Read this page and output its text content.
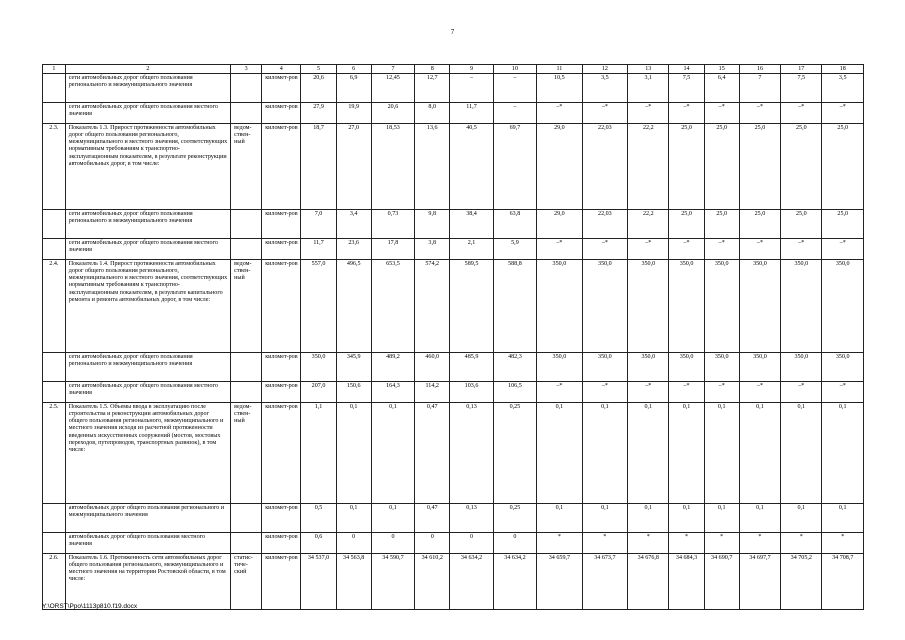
7
1	2	3	4	5	6	7	8	9	10	11	12	13	14	15	16	17	18
	сети автомобильных дорог общего пользования регионального и межмуниципального значения		километ-ров	20,6	6,9	12,45	12,7	–	–	10,5	3,5	3,1	7,5	6,4	7	7,5	3,5
	сети автомобильных дорог общего пользования местного значения		километ-ров	27,9	19,9	20,6	8,0	11,7	–	–*	–*	–*	–*	–*	–*	–*	–*
2.3.	Показатель 1.3. Прирост протяженности автомобильных дорог общего пользования регионального, межмуниципального и местного значения, соответствующих нормативным требованиям к транспортно-эксплуатационным показателям, в результате реконструкции автомобильных дорог, в том числе:	ведом-ствен-ный	километ-ров	18,7	27,0	18,53	13,6	40,5	69,7	29,0	22,03	22,2	25,0	25,0	25,0	25,0	25,0
	сети автомобильных дорог общего пользования регионального и межмуниципального значения		километ-ров	7,0	3,4	0,73	9,8	38,4	63,8	29,0	22,03	22,2	25,0	25,0	25,0	25,0	25,0
	сети автомобильных дорог общего пользования местного значения		километ-ров	11,7	23,6	17,8	3,8	2,1	5,9	–*	–*	–*	–*	–*	–*	–*	–*
2.4.	Показатель 1.4. Прирост протяженности автомобильных дорог общего пользования регионального, межмуниципального и местного значения, соответствующих нормативным требованиям к транспортно-эксплуатационным показателям, в результате капитального ремонта и ремонта автомобильных дорог, в том числе:	ведом-ствен-ный	километ-ров	557,0	496,5	653,5	574,2	589,5	588,8	350,0	350,0	350,0	350,0	350,0	350,0	350,0	350,0
	сети автомобильных дорог общего пользования регионального и межмуниципального значения		километ-ров	350,0	345,9	489,2	460,0	485,9	482,3	350,0	350,0	350,0	350,0	350,0	350,0	350,0	350,0
	сети автомобильных дорог общего пользования местного значения		километ-ров	207,0	150,6	164,3	114,2	103,6	106,5	–*	–*	–*	–*	–*	–*	–*	–*
2.5.	Показатель 1.5. Объемы ввода в эксплуатацию после строительства и реконструкции автомобильных дорог общего пользования регионального, межмуниципального и местного значения исходя из расчетной протяженности введенных искусственных сооружений (мостов, мостовых переходов, путепроводов, транспортных развязок), в том числе:	ведом-ствен-ный	километ-ров	1,1	0,1	0,1	0,47	0,13	0,25	0,1	0,1	0,1	0,1	0,1	0,1	0,1	0,1
	автомобильных дорог общего пользования регионального и межмуниципального значения		километ-ров	0,5	0,1	0,1	0,47	0,13	0,25	0,1	0,1	0,1	0,1	0,1	0,1	0,1	0,1
	автомобильных дорог общего пользования местного значения		километ-ров	0,6	0	0	0	0	0	*	*	*	*	*	*	*	*
2.6.	Показатель 1.6. Протяженность сети автомобильных дорог общего пользования регионального, межмуниципального и местного значения на территории Ростовской области, в том числе:	статис-тиче-ский	километ-ров	34 537,0	34 563,8	34 590,7	34 610,2	34 634,2	34 634,2	34 659,7	34 673,7	34 676,8	34 684,3	34 690,7	34 697,7	34 705,2	34 708,7
Y:\ORST\Ppo\1113p810.f19.docx
